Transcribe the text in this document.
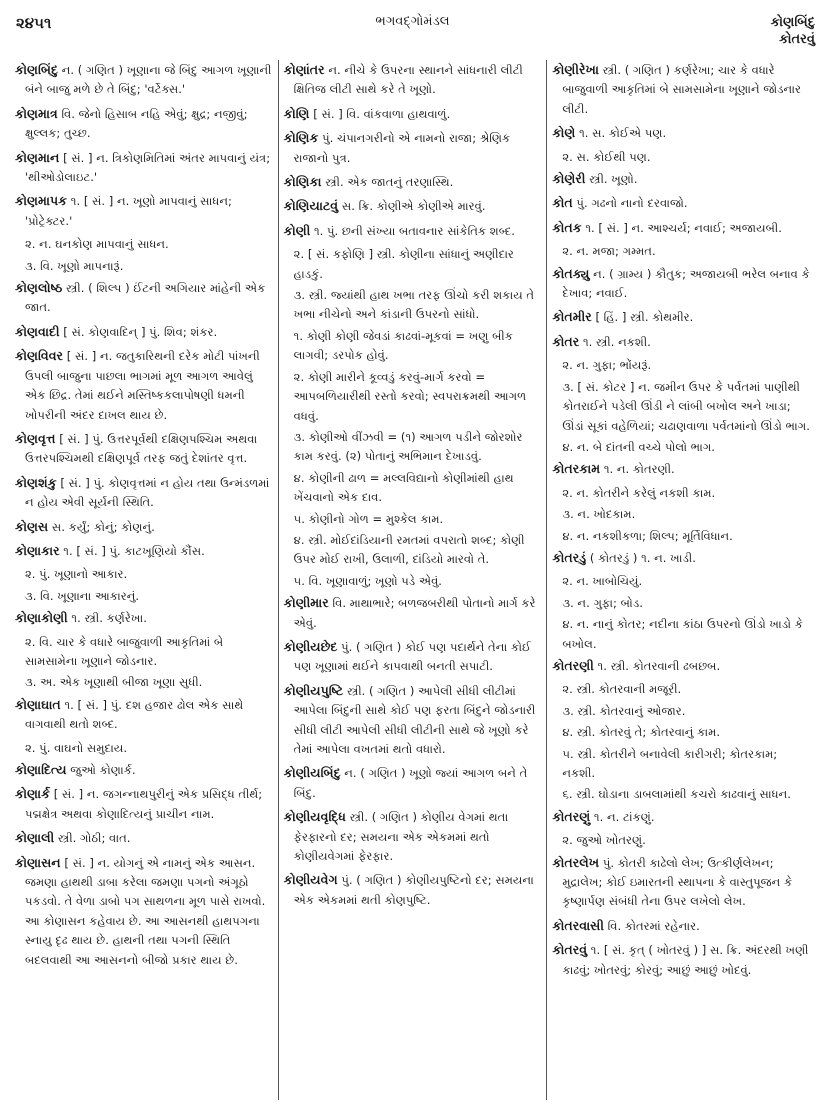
૨૪૫૧	ભગવદ્ગોમંડલ	કોણબિંદુ
કોતરવું
કોણબિંદુ ન. ( ગણિત ) ખૂણાના જે બિંદુ આગળ ખૂણાની બંને બાજુ મળે છે તે બિંદુ; 'વર્ટેક્સ.'
કોણમાત્ર વિ. જેનો હિસાબ નહિ એવું; ક્ષુદ્ર; નજીવું; ક્ષુલ્લક; તુચ્છ.
કોણમાન [ સં. ] ન. ત્રિકોણમિતિમાં અંતર માપવાનું યંત્ર; 'થીઓડોલાઇટ.'
કોણમાપક ૧. [ સં. ] ન. ખૂણો માપવાનું સાધન; 'પ્રોટ્રેક્ટર.'
૨. ન. ઘનકોણ માપવાનું સાધન.
૩. વિ. ખૂણો માપનારૂં.
કોણલોષ્ઠ સ્ત્રી. ( શિલ્પ ) ઈંટની અગિયાર માંહેની એક જાત.
કોણવાદી [ સં. કોણવાદિન્ ] પું. શિવ; શંકર.
કોણવિવર [ સં. ] ન. જતુકારિથની દરેક મોટી પાંખની ઉપલી બાજુના પાછલા ભાગમાં મૂળ આગળ આવેલું એક છિદ્ર. તેમાં થઈને મસ્તિષ્કકલાપોષણી ધમની ખોપરીની અંદર દાખલ થાય છે.
કોણવૃત્ત [ સં. ] પું. ઉત્તરપૂર્વથી દક્ષિણપશ્ચિમ અથવા ઉત્તરપશ્ચિમથી દક્ષિણપૂર્વ તરફ જતું દેશાંતર વૃત્ત.
કોણશંકુ [ સં. ] પું. કોણવૃત્તમાં ન હોય તથા ઉન્મંડળમાં ન હોય એવી સૂર્યની સ્થિતિ.
કોણસ સ. કર્યું; કોનું; કોણનું.
કોણાકાર ૧. [ સં. ] પું. કાટખૂણિયો કૌંસ.
૨. પું. ખૂણાનો આકાર.
૩. વિ. ખૂણાના આકારનું.
કોણાકોણી ૧. સ્ત્રી. કર્ણરેખા.
૨. વિ. ચાર કે વધારે બાજુવાળી આકૃતિમાં બે સામસામેના ખૂણાને જોડનાર.
૩. અ. એક ખૂણાથી બીજા ખૂણા સુધી.
કોણાઘાત ૧. [ સં. ] પું. દશ હજાર ઢોલ એક સાથે વાગવાથી થતો શબ્દ.
૨. પું. વાઘનો સમુદાય.
કોણાદિત્ય જુઓ કોણાર્ક.
કોણાર્ક [ સં. ] ન. જગન્નાથપુરીનું એક પ્રસિદ્ધ તીર્થ; પદ્મક્ષેત્ર અથવા કોણાદિત્યનું પ્રાચીન નામ.
કોણાલી સ્ત્રી. ગોઠી; વાત.
કોણાસન [ સં. ] ન. યોગનું એ નામનું એક આસન. જમણા હાથથી ડાબા કરેલા જમણા પગનો અંગૂઠો પકડવો. તે વેળા ડાબો પગ સાથળના મૂળ પાસે રાખવો. આ કોણાસન કહેવાય છે. આ આસનથી હાથપગના સ્નાયુ દૃઢ થાય છે. હાથની તથા પગની સ્થિતિ બદલવાથી આ આસનનો બીજો પ્રકાર થાય છે.
કોણાંતર ન. નીચે કે ઉપરના સ્થાનને સાંધનારી લીટી ક્ષિતિજ લીટી સાથે કરે તે ખૂણો.
કોણિ [ સં. ] વિ. વાંકવાળા હાથવાળું.
કોણિક પું. ચંપાનગરીનો એ નામનો રાજા; શ્રેણિક રાજાનો પુત્ર.
કોણિકા સ્ત્રી. એક જાતનું તરણાસ્થિ.
કોણિયાટવું સ. ક્રિ. કોણીએ કોણીએ મારવું.
કોણી ૧. પું. છની સંખ્યા બતાવનાર સાંકેતિક શબ્દ.
૨. [ સં. કફોણિ ] સ્ત્રી. કોણીના સાંધાનું અણીદાર હાડકું.
૩. સ્ત્રી. જ્યાંથી હાથ ખભા તરફ ઊંચો કરી શકાય તે ખભા નીચેનો અને કાંડાની ઉપરનો સાંધો.
૧. કોણી કોણી જેવડાં કાઢવાં-મૂકવાં = ખણુ બીક લાગવી; ડરપોક હોવું.
૨. કોણી મારીને કૂવ્વડું કરવું-માર્ગ કરવો = આપબળિયારીથી રસ્તો કરવો; સ્વપરાક્રમથી આગળ વધવું.
૩. કોણીઓ વીંઝવી = (૧) આગળ પડીને જોરશોર કામ કરવું. (૨) પોતાનું અભિમાન દેખાડવું.
૪. કોણીની ઢાળ = મલ્લવિદ્યાનો કોણીમાંથી હાથ ખેંચવાનો એક દાવ.
૫. કોણીનો ગોળ = મુશ્કેલ કામ.
૪. સ્ત્રી. મોઈદાંડિયાની રમતમાં વપરાતો શબ્દ; કોણી ઉપર મોઈ રાખી, ઉલાળી, દાંડિયો મારવો તે.
૫. વિ. ખૂણાવાળું; ખૂણો પડે એવું.
કોણીમાર વિ. માથાભારે; બળજબરીથી પોતાનો માર્ગ કરે એવું.
કોણીયછેદ પું. ( ગણિત ) કોઈ પણ પદાર્થને તેના કોઈ પણ ખૂણામાં થઈને કાપવાથી બનતી સપાટી.
કોણીયપુષ્ટિ સ્ત્રી. ( ગણિત ) આપેલી સીધી લીટીમાં આપેલા બિંદુની સાથે કોઈ પણ ફરતા બિંદુને જોડનારી સીધી લીટી આપેલી સીધી લીટીની સાથે જે ખૂણો કરે તેમાં આપેલા વખતમાં થતો વધારો.
કોણીયબિંદુ ન. ( ગણિત ) ખૂણો જ્યાં આગળ બને તે બિંદુ.
કોણીયવૃદ્ધિ સ્ત્રી. ( ગણિત ) કોણીય વેગમાં થતા ફેરફારનો દર; સમયના એક એકમમાં થતો કોણીયવેગમાં ફેરફાર.
કોણીયવેગ પું. ( ગણિત ) કોણીયપુષ્ટિનો દર; સમયના એક એકમમાં થતી કોણપુષ્ટિ.
કોણીરેખા સ્ત્રી. ( ગણિત ) કર્ણરેખા; ચાર કે વધારે બાજુવાળી આકૃતિમાં બે સામસામેના ખૂણાને જોડનાર લીટી.
કોણે ૧. સ. કોઈએ પણ.
૨. સ. કોઈથી પણ.
કોણેરી સ્ત્રી. ખૂણો.
કોત પું. ગઢનો નાનો દરવાજો.
કોતક ૧. [ સં. ] ન. આશ્ચર્ય; નવાઈ; અજાયબી.
૨. ન. મજા; ગમ્મત.
કોતક્યુ ન. ( ગ્રામ્ય ) કૌતુક; અજાયબી ભરેલ બનાવ કે દેખાવ; નવાઈ.
કોતમીર [ હિં. ] સ્ત્રી. કોથમીર.
કોતર ૧. સ્ત્રી. નકશી.
૨. ન. ગુફા; ભોંયરૂં.
૩. [ સં. કોટર ] ન. જમીન ઉપર કે પર્વતમાં પાણીથી કોતરાઈને પડેલી ઊંડી ને લાંબી બખોલ અને ખાડા; ઊંડાં સૂકાં વહેળિયાં; ચઢાણવાળા પર્વતમાંનો ઊંડો ભાગ.
૪. ન. બે દાંતની વચ્ચે પોલો ભાગ.
કોતરકામ ૧. ન. કોતરણી.
૨. ન. કોતરીને કરેલું નકશી કામ.
૩. ન. ખોદકામ.
૪. ન. નકશીકળા; શિલ્પ; મૂર્તિવિધાન.
કોતરડું ( કોતરડું ) ૧. ન. ખાડી.
૨. ન. ખાબોચિયું.
૩. ન. ગુફા; બોડ.
૪. ન. નાનું કોતર; નદીના કાંઠા ઉપરનો ઊંડો ખાડો કે બખોલ.
કોતરણી ૧. સ્ત્રી. કોતરવાની ઢબછબ.
૨. સ્ત્રી. કોતરવાની મજૂરી.
૩. સ્ત્રી. કોતરવાનું ઓજાર.
૪. સ્ત્રી. કોતરવું તે; કોતરવાનું કામ.
૫. સ્ત્રી. કોતરીને બનાવેલી કારીગરી; કોતરકામ; નકશી.
૬. સ્ત્રી. ઘોડાના ડાબલામાંથી કચરો કાઢવાનું સાધન.
કોતરણું ૧. ન. ટાંકણું.
૨. જુઓ ખોતરણું.
કોતરલેખ પું. કોતરી કાઢેલો લેખ; ઉત્કીર્ણલેખન; મુદ્રાલેખ; કોઈ ઇમારતની સ્થાપના કે વાસ્તુપૂજન કે કૃષ્ણાર્પણ સંબંધી તેના ઉપર લખેલો લેખ.
કોતરવાસી વિ. કોતરમાં રહેનાર.
કોતરવું ૧. [ સં. કૃત્ ( ખોતરવું ) ] સ. ક્રિ. અંદરથી ખણી કાઢવું; ખોતરવું; કોરવું; આછું આછું ખોદવું.
